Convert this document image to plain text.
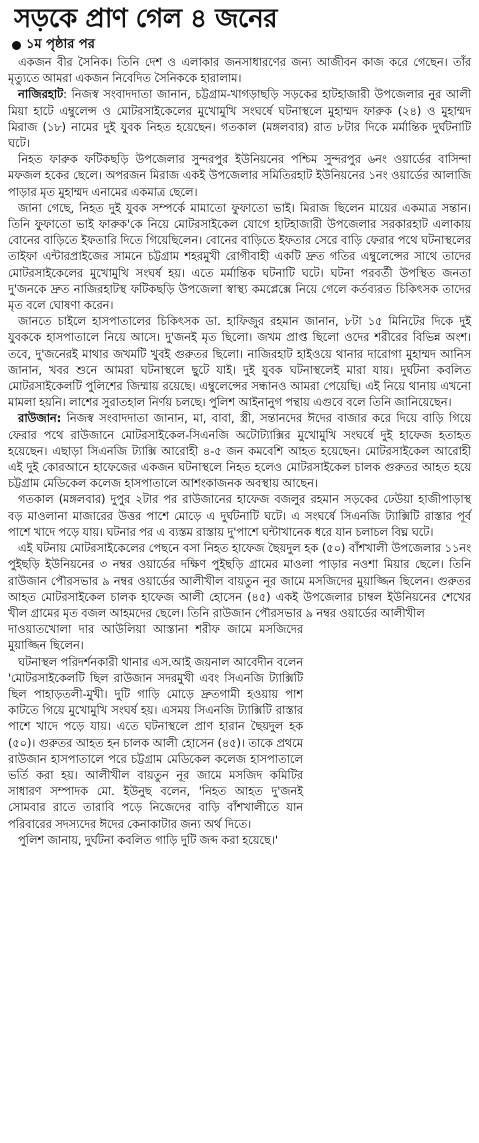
সড়কে প্রাণ গেল ৪ জনের
১ম পৃষ্ঠার পর

একজন বীর সৈনিক। তিনি দেশ ও এলাকার জনসাধারণের জন্য আজীবন কাজ করে গেছেন। তাঁর মৃত্যুতে আমরা একজন নিবেদিত সৈনিককে হারালাম।

নাজিরহাট: নিজস্ব সংবাদদাতা জানান, চট্টগ্রাম-খাগড়াছড়ি সড়কের হাটহাজারী উপজেলার নুর আলী মিয়া হাটে এম্বুলেন্স ও মোটরসাইকেলের মুখোমুখি সংঘর্ষে ঘটনাস্থলে মুহাম্মদ ফারুক (২৪) ও মুহাম্মদ মিরাজ (১৮) নামের দুই যুবক নিহত হয়েছেন। গতকাল (মঙ্গলবার) রাত ৮টার দিকে মর্মান্তিক দুর্ঘটনাটি ঘটে।

নিহত ফারুক ফটিকছড়ি উপজেলার সুন্দরপুর ইউনিয়নের পশ্চিম সুন্দরপুর ৬নং ওয়ার্ডের বাসিন্দা মফজল হকের ছেলে। অপরজন মিরাজ একই উপজেলার সমিতিরহাট ইউনিয়নের ১নং ওয়ার্ডের আলাজি পাড়ার মৃত মুহাম্মদ এনামের একমাত্র ছেলে।

জানা গেছে, নিহত দুই যুবক সম্পর্কে মামাতো ফুফাতো ভাই। মিরাজ ছিলেন মায়ের একমাত্র সন্তান। তিনি ফুফাতো ভাই ফারুক'কে নিয়ে মোটরসাইকেল যোগে হাটহাজারী উপজেলার সরকারহাট এলাকায় বোনের বাড়িতে ইফতারি দিতে গিয়েছিলেন। বোনের বাড়িতে ইফতার সেরে বাড়ি ফেরার পথে ঘটনাস্থলের তাইফা এন্টারপ্রাইজের সামনে চট্টগ্রাম শহরমুখী রোগীবাহী একটি দ্রুত গতির এম্বুলেন্সের সাথে তাদের মোটরসাইকেলের মুখোমুখি সংঘর্ষ হয়। এতে মর্মান্তিক ঘটনাটি ঘটে। ঘটনা পরবর্তী উপস্থিত জনতা দু'জনকে দ্রুত নাজিরহাটস্থ ফটিকছড়ি উপজেলা স্বাস্থ্য কমপ্লেক্সে নিয়ে গেলে কর্তব্যরত চিকিৎসক তাদের মৃত বলে ঘোষণা করেন।

জানতে চাইলে হাসপাতালের চিকিৎসক ডা. হাফিজুর রহমান জানান, ৮টা ১৫ মিনিটের দিকে দুই যুবককে হাসপাতালে নিয়ে আসে। দু'জনই মৃত ছিলো। জখম প্রাপ্ত ছিলো ওদের শরীরের বিভিন্ন অংশ। তবে, দু'জনেরই মাথার জখমটি খুবই গুরুতর ছিলো। নাজিরহাট হাইওয়ে থানার দারোগা মুহাম্মদ আনিস জানান, খবর শুনে আমরা ঘটনাস্থলে ছুটে যাই। দুই যুবক ঘটনাস্থলেই মারা যায়। দুর্ঘটনা কবলিত মোটরসাইকেলটি পুলিশের জিম্মায় রয়েছে। এম্বুলেন্সের সন্ধানও আমরা পেয়েছি। এই নিয়ে থানায় এখনো মামলা হয়নি। লাশের সুরাতহাল নির্ণয় চলছে। পুলিশ আইনানুগ পন্থায় এগুবে বলে তিনি জানিয়েছেন।

রাউজান: নিজস্ব সংবাদদাতা জানান, মা, বাবা, স্ত্রী, সন্তানদের ঈদের বাজার করে দিয়ে বাড়ি গিয়ে ফেরার পথে রাউজানে মোটরসাইকেল-সিএনজি অটোট্যাক্সির মুখোমুখি সংঘর্ষে দুই হাফেজ হতাহত হয়েছেন। এছাড়া সিএনজি ট্যাক্সি আরোহী ৪-৫ জন কমবেশি আহত হয়েছেন। মোটরসাইকেল আরোহী এই দুই কোরআনে হাফেজের একজন ঘটনাস্থলে নিহত হলেও মোটরসাইকেল চালক গুরুতর আহত হয়ে চট্টগ্রাম মেডিকেল কলেজ হাসপাতালে আশংকাজনক অবস্থায় আছেন।

গতকাল (মঙ্গলবার) দুপুর ২টার পর রাউজানের হাফেজ বজলুর রহমান সড়কের ঢেউয়া হাজীপাড়াস্থ বড় মাওলানা মাজারের উত্তর পাশে মোড়ে এ দুর্ঘটনাটি ঘটে। এ সংঘর্ষে সিএনজি ট্যাক্সিটি রাস্তার পূর্ব পাশে খাদে পড়ে যায়। ঘটনার পর এ ব্যস্তম রাস্তায় দু'পাশে ঘন্টাখানেক ধরে যান চলাচল বিঘ্ন ঘটে।

এই ঘটনায় মোটরসাইকেলের পেছনে বসা নিহত হাফেজ ছৈয়দুল হক (৫০) বাঁশখালী উপজেলার ১১নং পুইছড়ি ইউনিয়নের ৩ নম্বর ওয়ার্ডের দক্ষিণ পুইছড়ি গ্রামের মাওলা পাড়ার নওশা মিয়ার ছেলে। তিনি রাউজান পৌরসভার ৯ নম্বর ওয়ার্ডের আলীখীল বায়তুন নূর জামে মসজিদের মুয়াজ্জিন ছিলেন। গুরুতর আহত মোটরসাইকেল চালক হাফেজ আলী হোসেন (৪৫) একই উপজেলার চাম্বল ইউনিয়নের শেখের খীল গ্রামের মৃত বজল আহমদের ছেলে। তিনি রাউজান পৌরসভার ৯ নম্বর ওয়ার্ডের আলীখীল

দাওয়াতখোলা দার আউলিয়া আস্তানা শরীফ জামে মসজিদের মুয়াজ্জিন ছিলেন।

ঘটনাস্থল পরিদর্শনকারী থানার এস.আই জয়নাল আবেদীন বলেন 'মোটরসাইকেলটি ছিল রাউজান সদরমুখী এবং সিএনজি ট্যাক্সিটি ছিল পাহাড়তলী-মুখী। দুটি গাড়ি মোড়ে দ্রুতগামী হওয়ায় পাশ কাটতে গিয়ে মুখোমুখি সংঘর্ষ হয়। এসময় সিএনজি ট্যাক্সিটি রাস্তার পাশে খাদে পড়ে যায়। এতে ঘটনাস্থলে প্রাণ হারান ছৈয়দুল হক (৫০)। গুরুতর আহত হন চালক আলী হোসেন (৪৫)। তাকে প্রথমে রাউজান হাসপাতালে পরে চট্টগ্রাম মেডিকেল কলেজ হাসপাতালে ভর্তি করা হয়। আলীখীল বায়তুন নূর জামে মসজিদ কমিটির সাধারণ সম্পাদক মো. ইউনুছ বলেন, 'নিহত আহত দু'জনই সোমবার রাতে তারাবি পড়ে নিজেদের বাড়ি বাঁশখালীতে যান পরিবারের সদস্যদের ঈদের কেনাকাটার জন্য অর্থ দিতে।

পুলিশ জানায়, দুর্ঘটনা কবলিত গাড়ি দুটি জব্দ করা হয়েছে।'
